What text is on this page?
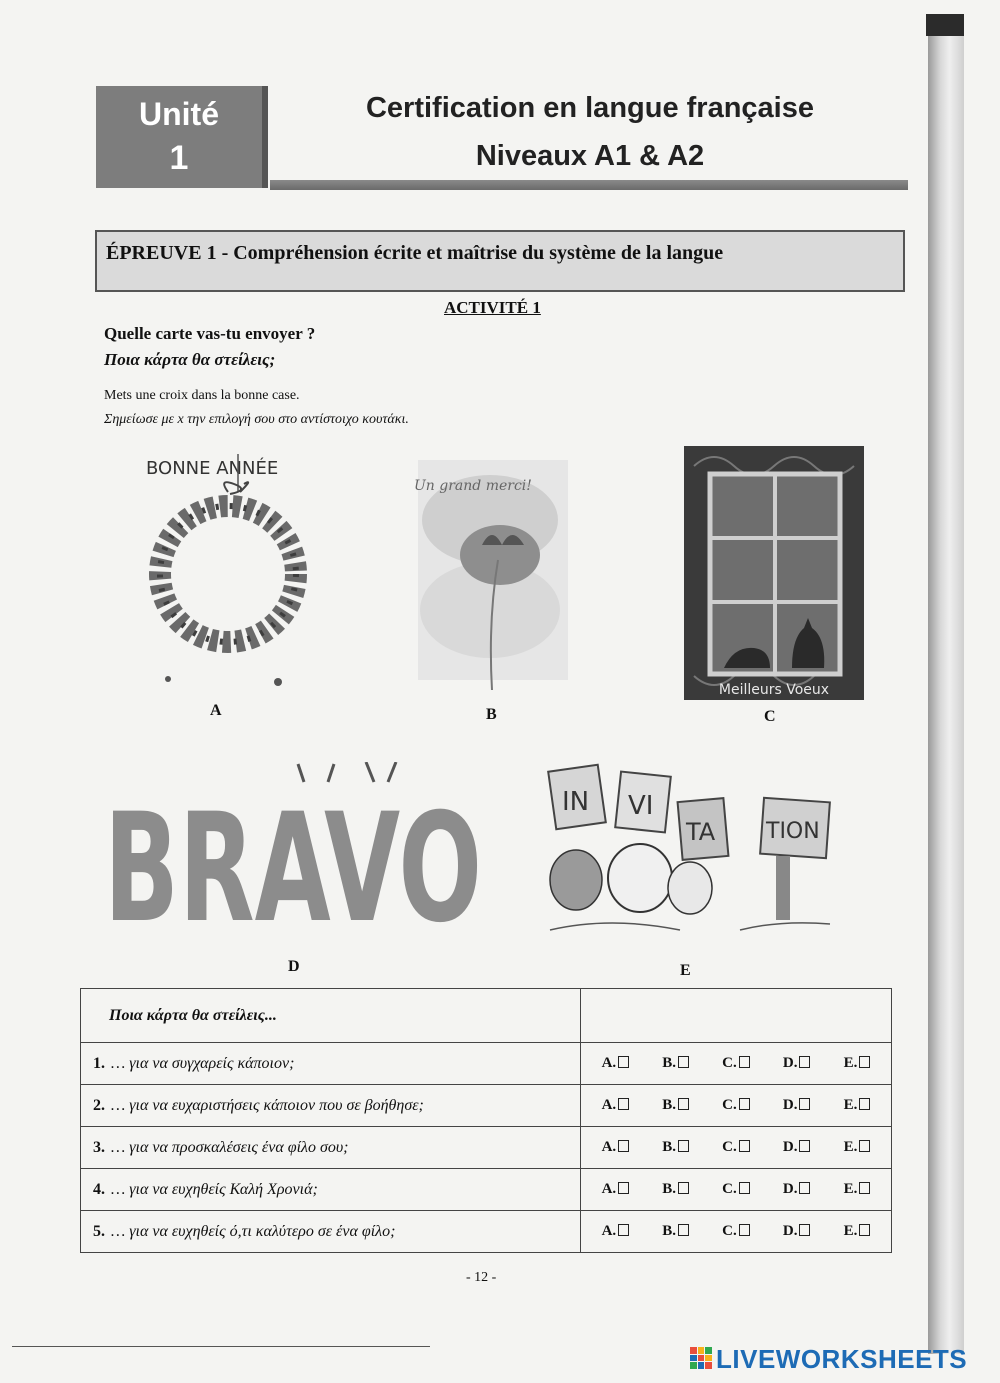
Unité
1
Certification en langue française
Niveaux A1 & A2
ÉPREUVE 1 - Compréhension écrite et maîtrise du système de la langue
ACTIVITÉ 1
Quelle carte vas-tu envoyer ?
Ποια κάρτα θα στείλεις;
Mets une croix dans la bonne case.
Σημείωσε με x την επιλογή σου στο αντίστοιχο κουτάκι.
BONNE ANNÉE
A
Un grand merci!
B
Meilleurs Voeux
C
BRAVO
D
IN VI
TA TION
E
Ποια κάρτα θα στείλεις...	
1. … για να συγχαρείς κάποιον;	A. B. C. D. E.

2. … για να ευχαριστήσεις κάποιον που σε βοήθησε;	A. B. C. D. E.

3. … για να προσκαλέσεις ένα φίλο σου;	A. B. C. D. E.

4. … για να ευχηθείς Καλή Χρονιά;	A. B. C. D. E.

5. … για να ευχηθείς ό,τι καλύτερο σε ένα φίλο;	A. B. C. D. E.
- 12 -
LIVEWORKSHEETS
